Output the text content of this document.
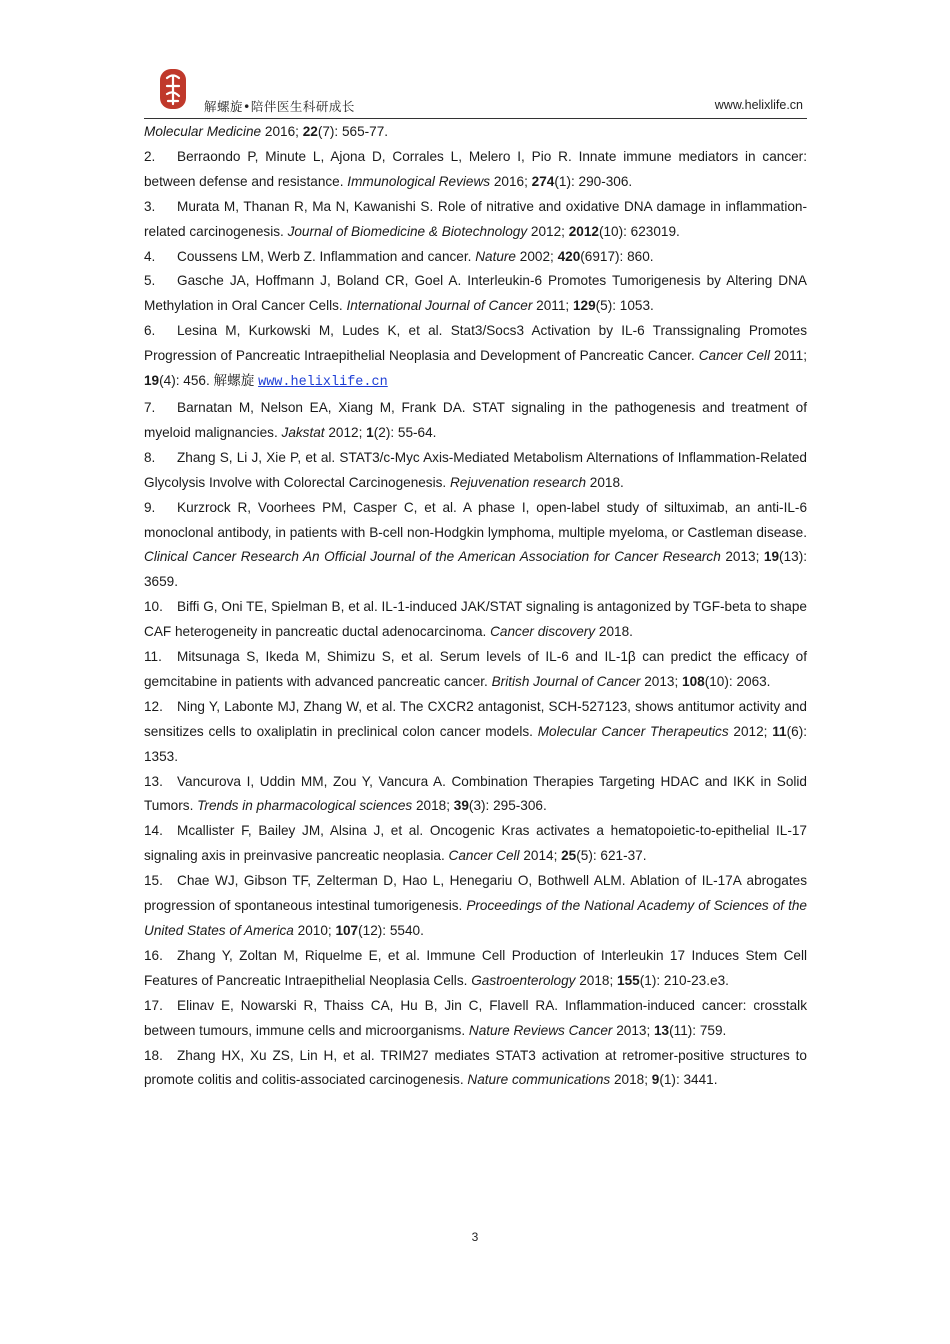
解螺旋•陪伴医生科研成长	www.helixlife.cn
Molecular Medicine 2016; 22(7): 565-77.
2. Berraondo P, Minute L, Ajona D, Corrales L, Melero I, Pio R. Innate immune mediators in cancer: between defense and resistance. Immunological Reviews 2016; 274(1): 290-306.
3. Murata M, Thanan R, Ma N, Kawanishi S. Role of nitrative and oxidative DNA damage in inflammation-related carcinogenesis. Journal of Biomedicine & Biotechnology 2012; 2012(10): 623019.
4. Coussens LM, Werb Z. Inflammation and cancer. Nature 2002; 420(6917): 860.
5. Gasche JA, Hoffmann J, Boland CR, Goel A. Interleukin-6 Promotes Tumorigenesis by Altering DNA Methylation in Oral Cancer Cells. International Journal of Cancer 2011; 129(5): 1053.
6. Lesina M, Kurkowski M, Ludes K, et al. Stat3/Socs3 Activation by IL-6 Transsignaling Promotes Progression of Pancreatic Intraepithelial Neoplasia and Development of Pancreatic Cancer. Cancer Cell 2011; 19(4): 456. 解螺旋 www.helixlife.cn
7. Barnatan M, Nelson EA, Xiang M, Frank DA. STAT signaling in the pathogenesis and treatment of myeloid malignancies. Jakstat 2012; 1(2): 55-64.
8. Zhang S, Li J, Xie P, et al. STAT3/c-Myc Axis-Mediated Metabolism Alternations of Inflammation-Related Glycolysis Involve with Colorectal Carcinogenesis. Rejuvenation research 2018.
9. Kurzrock R, Voorhees PM, Casper C, et al. A phase I, open-label study of siltuximab, an anti-IL-6 monoclonal antibody, in patients with B-cell non-Hodgkin lymphoma, multiple myeloma, or Castleman disease. Clinical Cancer Research An Official Journal of the American Association for Cancer Research 2013; 19(13): 3659.
10. Biffi G, Oni TE, Spielman B, et al. IL-1-induced JAK/STAT signaling is antagonized by TGF-beta to shape CAF heterogeneity in pancreatic ductal adenocarcinoma. Cancer discovery 2018.
11. Mitsunaga S, Ikeda M, Shimizu S, et al. Serum levels of IL-6 and IL-1β can predict the efficacy of gemcitabine in patients with advanced pancreatic cancer. British Journal of Cancer 2013; 108(10): 2063.
12. Ning Y, Labonte MJ, Zhang W, et al. The CXCR2 antagonist, SCH-527123, shows antitumor activity and sensitizes cells to oxaliplatin in preclinical colon cancer models. Molecular Cancer Therapeutics 2012; 11(6): 1353.
13. Vancurova I, Uddin MM, Zou Y, Vancura A. Combination Therapies Targeting HDAC and IKK in Solid Tumors. Trends in pharmacological sciences 2018; 39(3): 295-306.
14. Mcallister F, Bailey JM, Alsina J, et al. Oncogenic Kras activates a hematopoietic-to-epithelial IL-17 signaling axis in preinvasive pancreatic neoplasia. Cancer Cell 2014; 25(5): 621-37.
15. Chae WJ, Gibson TF, Zelterman D, Hao L, Henegariu O, Bothwell ALM. Ablation of IL-17A abrogates progression of spontaneous intestinal tumorigenesis. Proceedings of the National Academy of Sciences of the United States of America 2010; 107(12): 5540.
16. Zhang Y, Zoltan M, Riquelme E, et al. Immune Cell Production of Interleukin 17 Induces Stem Cell Features of Pancreatic Intraepithelial Neoplasia Cells. Gastroenterology 2018; 155(1): 210-23.e3.
17. Elinav E, Nowarski R, Thaiss CA, Hu B, Jin C, Flavell RA. Inflammation-induced cancer: crosstalk between tumours, immune cells and microorganisms. Nature Reviews Cancer 2013; 13(11): 759.
18. Zhang HX, Xu ZS, Lin H, et al. TRIM27 mediates STAT3 activation at retromer-positive structures to promote colitis and colitis-associated carcinogenesis. Nature communications 2018; 9(1): 3441.
3
